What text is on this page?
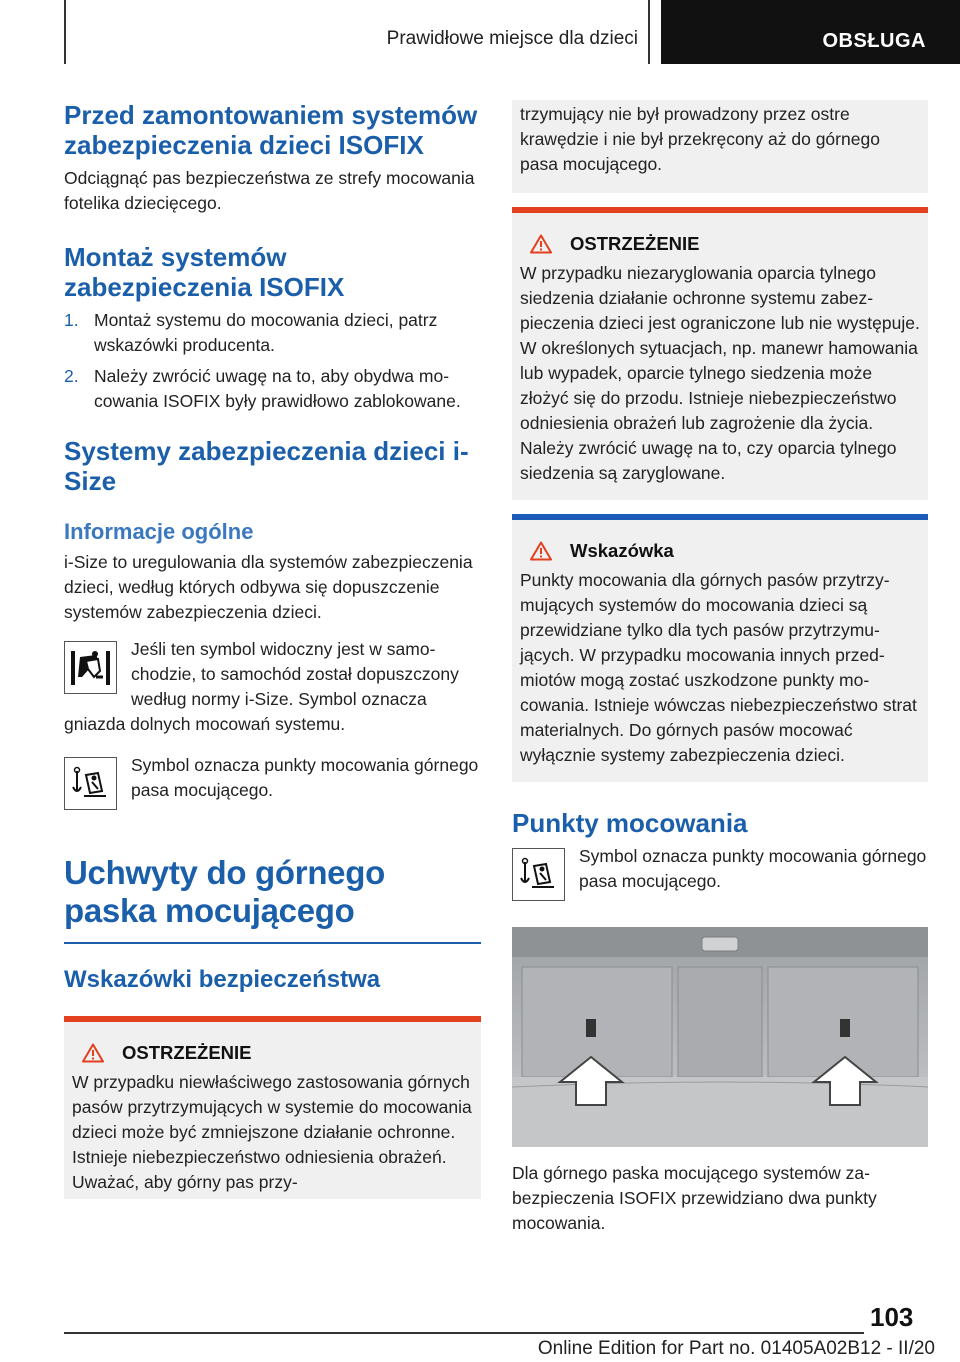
Prawidłowe miejsce dla dzieci	OBSŁUGA
Przed zamontowaniem systemów zabezpieczenia dzieci ISOFIX

Odciągnąć pas bezpieczeństwa ze strefy mocowania fotelika dziecięcego.

Montaż systemów zabezpieczenia ISOFIX
1. Montaż systemu do mocowania dzieci, patrz wskazówki producenta.
2. Należy zwrócić uwagę na to, aby obydwa mocowania ISOFIX były prawidłowo zablokowane.
Systemy zabezpieczenia dzieci i-Size
Informacje ogólne

i-Size to uregulowania dla systemów zabezpieczenia dzieci, według których odbywa się dopuszczenie systemów zabezpieczenia dzieci.

Jeśli ten symbol widoczny jest w samochodzie, to samochód został dopuszczony według normy i-Size. Symbol oznacza gniazda dolnych mocowań systemu.

Symbol oznacza punkty mocowania górnego pasa mocującego.

Uchwyty do górnego paska mocującego
Wskazówki bezpieczeństwa
OSTRZEŻENIE

W przypadku niewłaściwego zastosowania górnych pasów przytrzymujących w systemie do mocowania dzieci może być zmniejszone działanie ochronne. Istnieje niebezpieczeństwo odniesienia obrażeń. Uważać, aby górny pas przy-

trzymujący nie był prowadzony przez ostre krawędzie i nie był przekręcony aż do górnego pasa mocującego.

OSTRZEŻENIE

W przypadku niezaryglowania oparcia tylnego siedzenia działanie ochronne systemu zabezpieczenia dzieci jest ograniczone lub nie występuje. W określonych sytuacjach, np. manewr hamowania lub wypadek, oparcie tylnego siedzenia może złożyć się do przodu. Istnieje niebezpieczeństwo odniesienia obrażeń lub zagrożenie dla życia. Należy zwrócić uwagę na to, czy oparcia tylnego siedzenia są zaryglowane.

Wskazówka

Punkty mocowania dla górnych pasów przytrzymujących systemów do mocowania dzieci są przewidziane tylko dla tych pasów przytrzymujących. W przypadku mocowania innych przedmiotów mogą zostać uszkodzone punkty mocowania. Istnieje wówczas niebezpieczeństwo strat materialnych. Do górnych pasów mocować wyłącznie systemy zabezpieczenia dzieci.

Punkty mocowania

Symbol oznacza punkty mocowania górnego pasa mocującego.

Dla górnego paska mocującego systemów zabezpieczenia ISOFIX przewidziano dwa punkty mocowania.

103
Online Edition for Part no. 01405A02B12 - II/20
